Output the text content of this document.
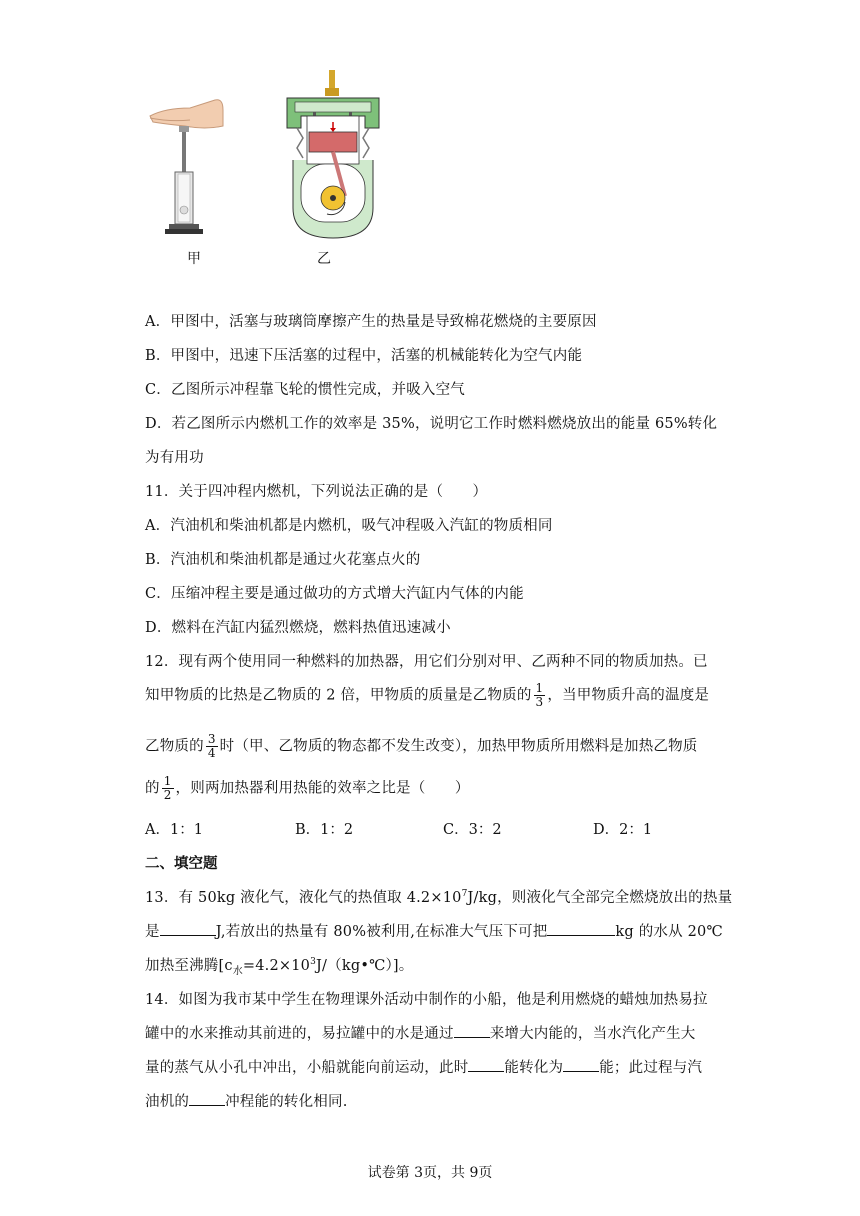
甲	乙
A．甲图中，活塞与玻璃筒摩擦产生的热量是导致棉花燃烧的主要原因
B．甲图中，迅速下压活塞的过程中，活塞的机械能转化为空气内能
C．乙图所示冲程靠飞轮的惯性完成，并吸入空气
D．若乙图所示内燃机工作的效率是 35%，说明它工作时燃料燃烧放出的能量 65%转化
为有用功
11．关于四冲程内燃机，下列说法正确的是（　　）
A．汽油机和柴油机都是内燃机，吸气冲程吸入汽缸的物质相同
B．汽油机和柴油机都是通过火花塞点火的
C．压缩冲程主要是通过做功的方式增大汽缸内气体的内能
D．燃料在汽缸内猛烈燃烧，燃料热值迅速减小
12．现有两个使用同一种燃料的加热器，用它们分别对甲、乙两种不同的物质加热。已
知甲物质的比热是乙物质的 2 倍，甲物质的质量是乙物质的 $\frac{1}{3}$ ，当甲物质升高的温度是
乙物质的 $\frac{3}{4}$ 时（甲、乙物质的物态都不发生改变），加热甲物质所用燃料是加热乙物质
的 $\frac{1}{2}$ ，则两加热器利用热能的效率之比是（　　）
A．1：1	B．1：2	C．3：2	D．2：1
二、填空题
13．有 50kg 液化气，液化气的热值取 $4.2\times 10^7J/kg$，则液化气全部完全燃烧放出的热量
是	J,若放出的热量有 80%被利用,在标准大气压下可把	kg 的水从 20℃
加热至沸腾$[c_水=4.2\times 10^3J/(kg•℃)]$。
14．如图为我市某中学生在物理课外活动中制作的小船，他是利用燃烧的蜡烛加热易拉
罐中的水来推动其前进的，易拉罐中的水是通过 来增大内能的，当水汽化产生大
量的蒸气从小孔中冲出，小船就能向前运动，此时 能转化为 能；此过程与汽
油机的 冲程能的转化相同.
试卷第 3页，共 9页
